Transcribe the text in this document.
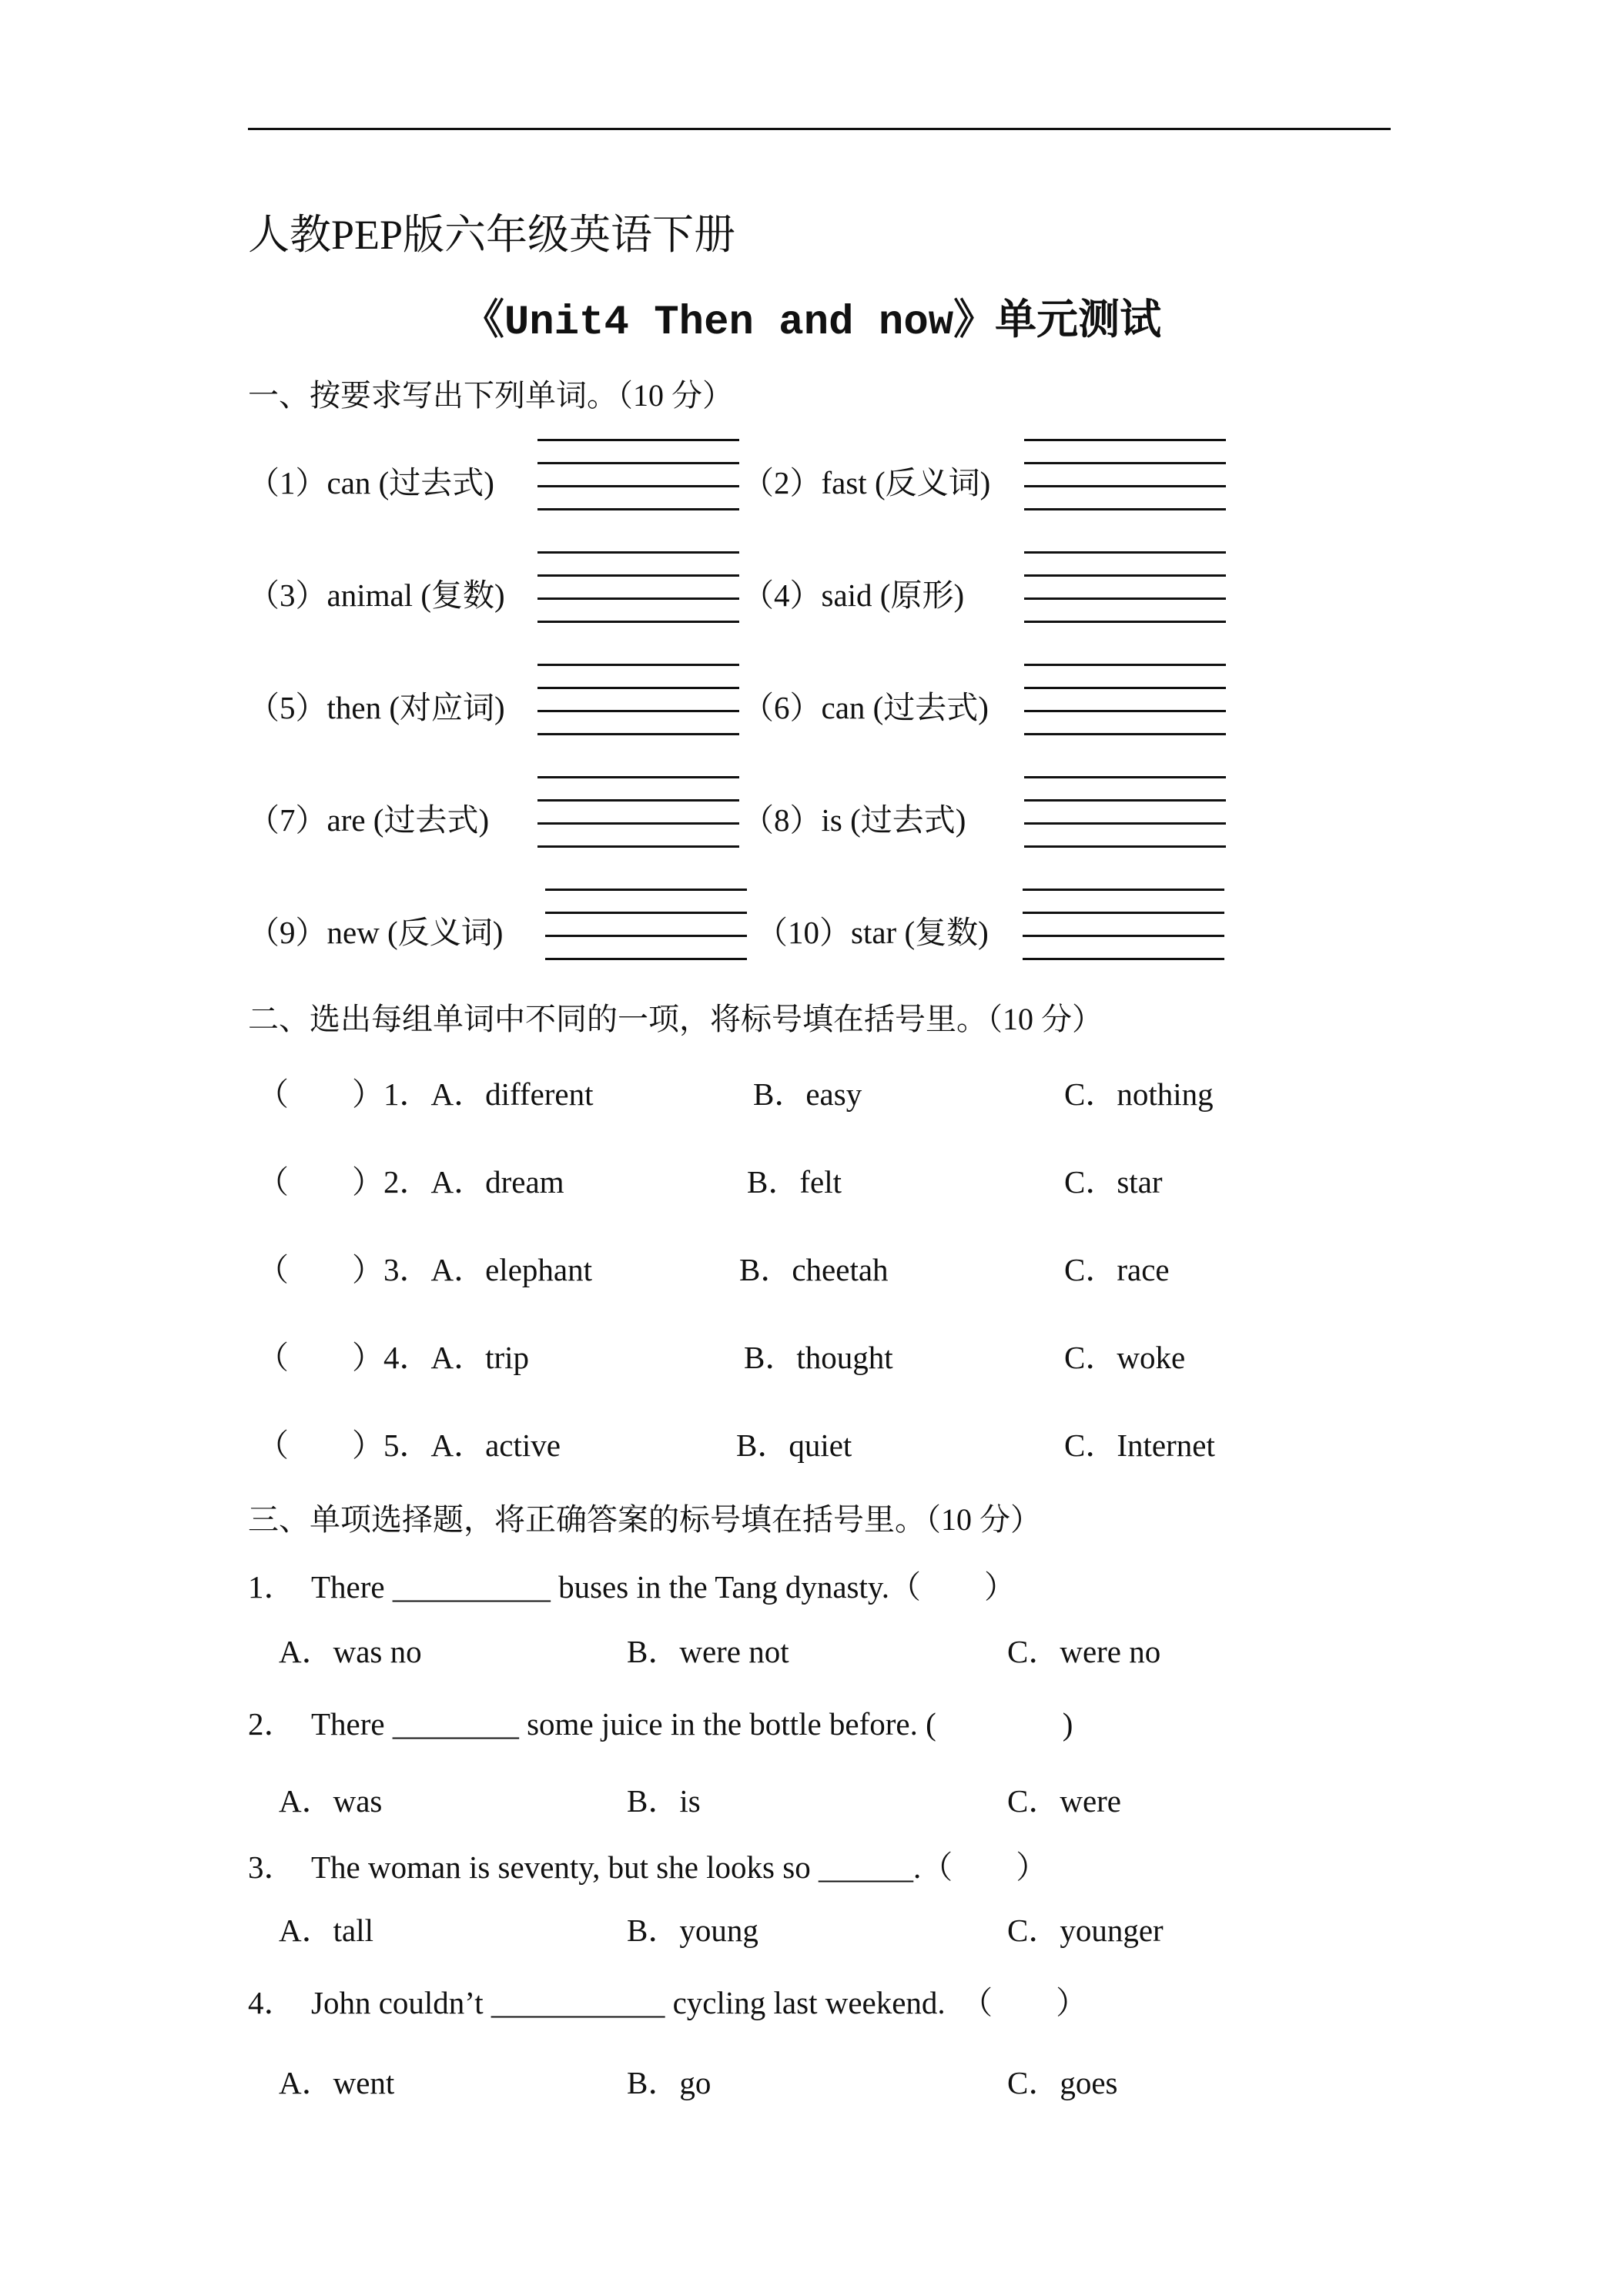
人教PEP版六年级英语下册
《Unit4 Then and now》单元测试
一、按要求写出下列单词。（10 分）
（1）can (过去式)	（2）fast (反义词)
（3）animal (复数)	（4）said (原形)
（5）then (对应词)	（6）can (过去式)
（7）are (过去式)	（8）is (过去式)
（9）new (反义词)	（10）star (复数)
二、选出每组单词中不同的一项，将标号填在括号里。（10 分）
（　　）1．A．different	B．easy	C．nothing
（　　）2．A．dream	B．felt	C．star
（　　）3．A．elephant	B．cheetah	C．race
（　　）4．A．trip	B．thought	C．woke
（　　）5．A．active	B．quiet	C．Internet
三、单项选择题，将正确答案的标号填在括号里。（10 分）
1．　There __________ buses in the Tang dynasty.（　　）
A．was no	B．were not	C．were no
2．　There ________ some juice in the bottle before. (　　　　)
A．was	B．is	C．were
3．　The woman is seventy, but she looks so ______.（　　）
A．tall	B．young	C．younger
4．　John couldn’t ___________ cycling last weekend.　（　　）
A．went	B．go	C．goes
